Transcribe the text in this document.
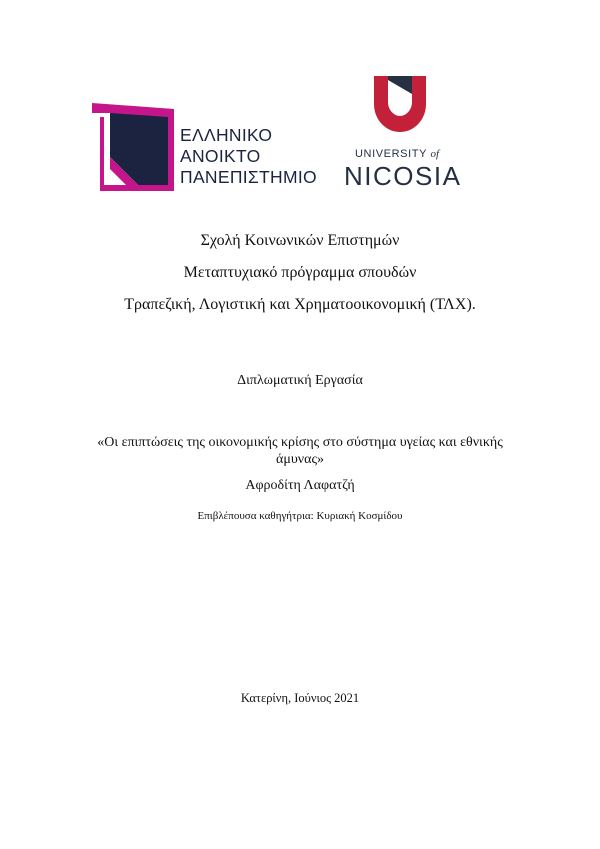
ΕΛΛΗΝΙΚΟ
ΑΝΟΙΚΤΟ
ΠΑΝΕΠΙΣΤΗΜΙΟ
UNIVERSITY of
NICOSIA
Σχολή Κοινωνικών Επιστημών
Μεταπτυχιακό πρόγραμμα σπουδών
Τραπεζική, Λογιστική και Χρηματοοικονομική (ΤΛΧ).
Διπλωματική Εργασία
«Οι επιπτώσεις της οικονομικής κρίσης στο σύστημα υγείας και εθνικής άμυνας»
Αφροδίτη Λαφατζή
Επιβλέπουσα καθηγήτρια: Κυριακή Κοσμίδου
Κατερίνη, Ιούνιος 2021
